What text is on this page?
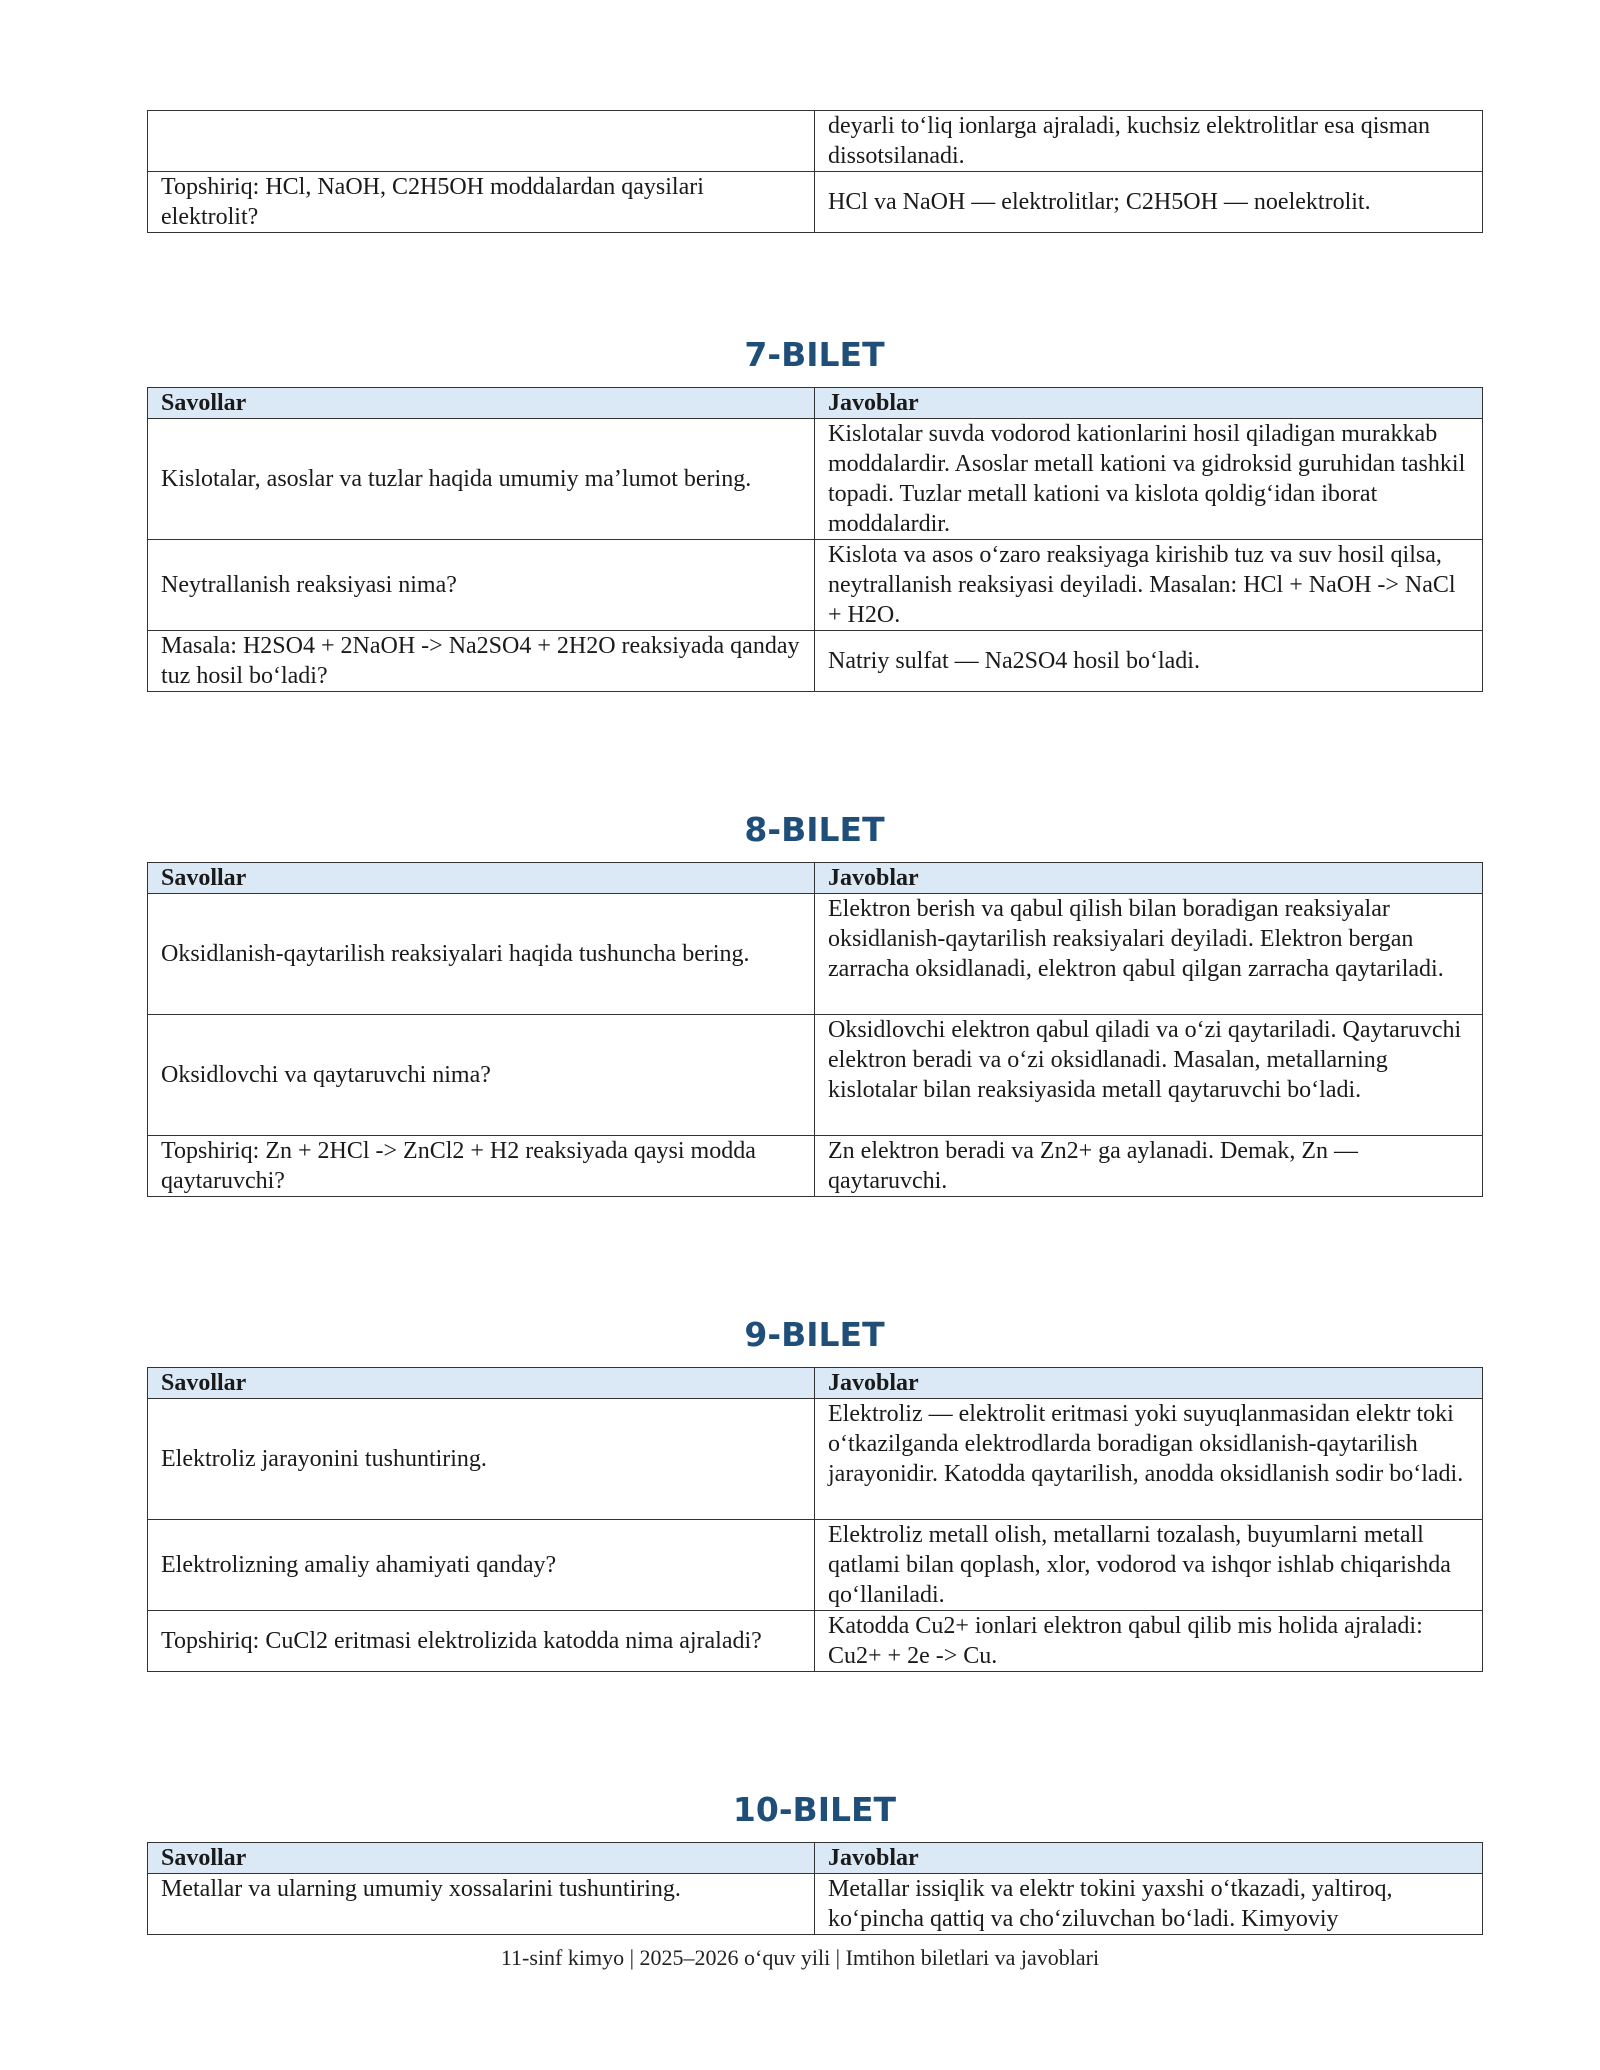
	deyarli to‘liq ionlarga ajraladi, kuchsiz elektrolitlar esa qisman dissotsilanadi.
Topshiriq: HCl, NaOH, C2H5OH moddalardan qaysilari elektrolit?	HCl va NaOH — elektrolitlar; C2H5OH — noelektrolit.
7-BILET
Savollar	Javoblar
Kislotalar, asoslar va tuzlar haqida umumiy ma’lumot bering.	Kislotalar suvda vodorod kationlarini hosil qiladigan murakkab moddalardir. Asoslar metall kationi va gidroksid guruhidan tashkil topadi. Tuzlar metall kationi va kislota qoldig‘idan iborat moddalardir.
Neytrallanish reaksiyasi nima?	Kislota va asos o‘zaro reaksiyaga kirishib tuz va suv hosil qilsa, neytrallanish reaksiyasi deyiladi. Masalan: HCl + NaOH -> NaCl + H2O.
Masala: H2SO4 + 2NaOH -> Na2SO4 + 2H2O reaksiyada qanday tuz hosil bo‘ladi?	Natriy sulfat — Na2SO4 hosil bo‘ladi.
8-BILET
Savollar	Javoblar
Oksidlanish-qaytarilish reaksiyalari haqida tushuncha bering.	Elektron berish va qabul qilish bilan boradigan reaksiyalar oksidlanish-qaytarilish reaksiyalari deyiladi. Elektron bergan zarracha oksidlanadi, elektron qabul qilgan zarracha qaytariladi.
Oksidlovchi va qaytaruvchi nima?	Oksidlovchi elektron qabul qiladi va o‘zi qaytariladi. Qaytaruvchi elektron beradi va o‘zi oksidlanadi. Masalan, metallarning kislotalar bilan reaksiyasida metall qaytaruvchi bo‘ladi.
Topshiriq: Zn + 2HCl -> ZnCl2 + H2 reaksiyada qaysi modda qaytaruvchi?	Zn elektron beradi va Zn2+ ga aylanadi. Demak, Zn — qaytaruvchi.
9-BILET
Savollar	Javoblar
Elektroliz jarayonini tushuntiring.	Elektroliz — elektrolit eritmasi yoki suyuqlanmasidan elektr toki o‘tkazilganda elektrodlarda boradigan oksidlanish-qaytarilish jarayonidir. Katodda qaytarilish, anodda oksidlanish sodir bo‘ladi.
Elektrolizning amaliy ahamiyati qanday?	Elektroliz metall olish, metallarni tozalash, buyumlarni metall qatlami bilan qoplash, xlor, vodorod va ishqor ishlab chiqarishda qo‘llaniladi.
Topshiriq: CuCl2 eritmasi elektrolizida katodda nima ajraladi?	Katodda Cu2+ ionlari elektron qabul qilib mis holida ajraladi: Cu2+ + 2e -> Cu.
10-BILET
Savollar	Javoblar
Metallar va ularning umumiy xossalarini tushuntiring.	Metallar issiqlik va elektr tokini yaxshi o‘tkazadi, yaltiroq, ko‘pincha qattiq va cho‘ziluvchan bo‘ladi. Kimyoviy
11-sinf kimyo | 2025–2026 o‘quv yili | Imtihon biletlari va javoblari
